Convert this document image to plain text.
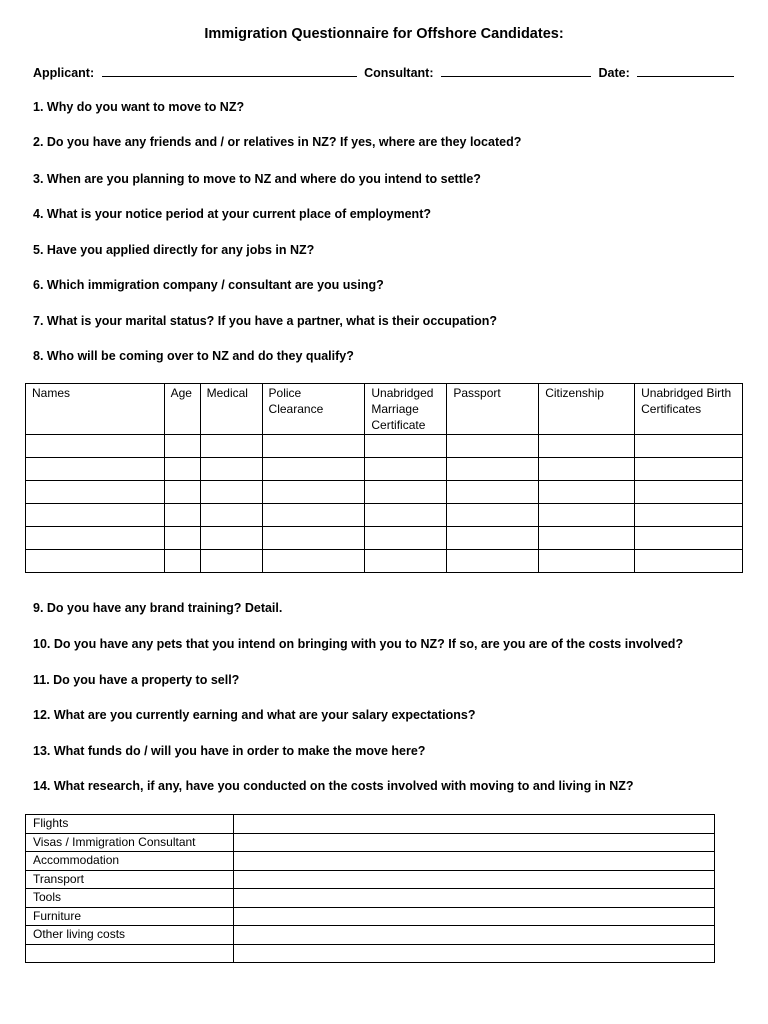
Immigration Questionnaire for Offshore Candidates:
Applicant:	Consultant:	Date:
1. Why do you want to move to NZ?
2. Do you have any friends and / or relatives in NZ? If yes, where are they located?
3. When are you planning to move to NZ and where do you intend to settle?
4. What is your notice period at your current place of employment?
5. Have you applied directly for any jobs in NZ?
6. Which immigration company / consultant are you using?
7. What is your marital status? If you have a partner, what is their occupation?
8. Who will be coming over to NZ and do they qualify?
Names	Age	Medical	Police Clearance	Unabridged Marriage Certificate	Passport	Citizenship	Unabridged Birth Certificates

9. Do you have any brand training? Detail.
10. Do you have any pets that you intend on bringing with you to NZ? If so, are you are of the costs involved?
11. Do you have a property to sell?
12. What are you currently earning and what are your salary expectations?
13. What funds do / will you have in order to make the move here?
14. What research, if any, have you conducted on the costs involved with moving to and living in NZ?
Flights	
Visas / Immigration Consultant	
Accommodation	
Transport	
Tools	
Furniture	
Other living costs	
